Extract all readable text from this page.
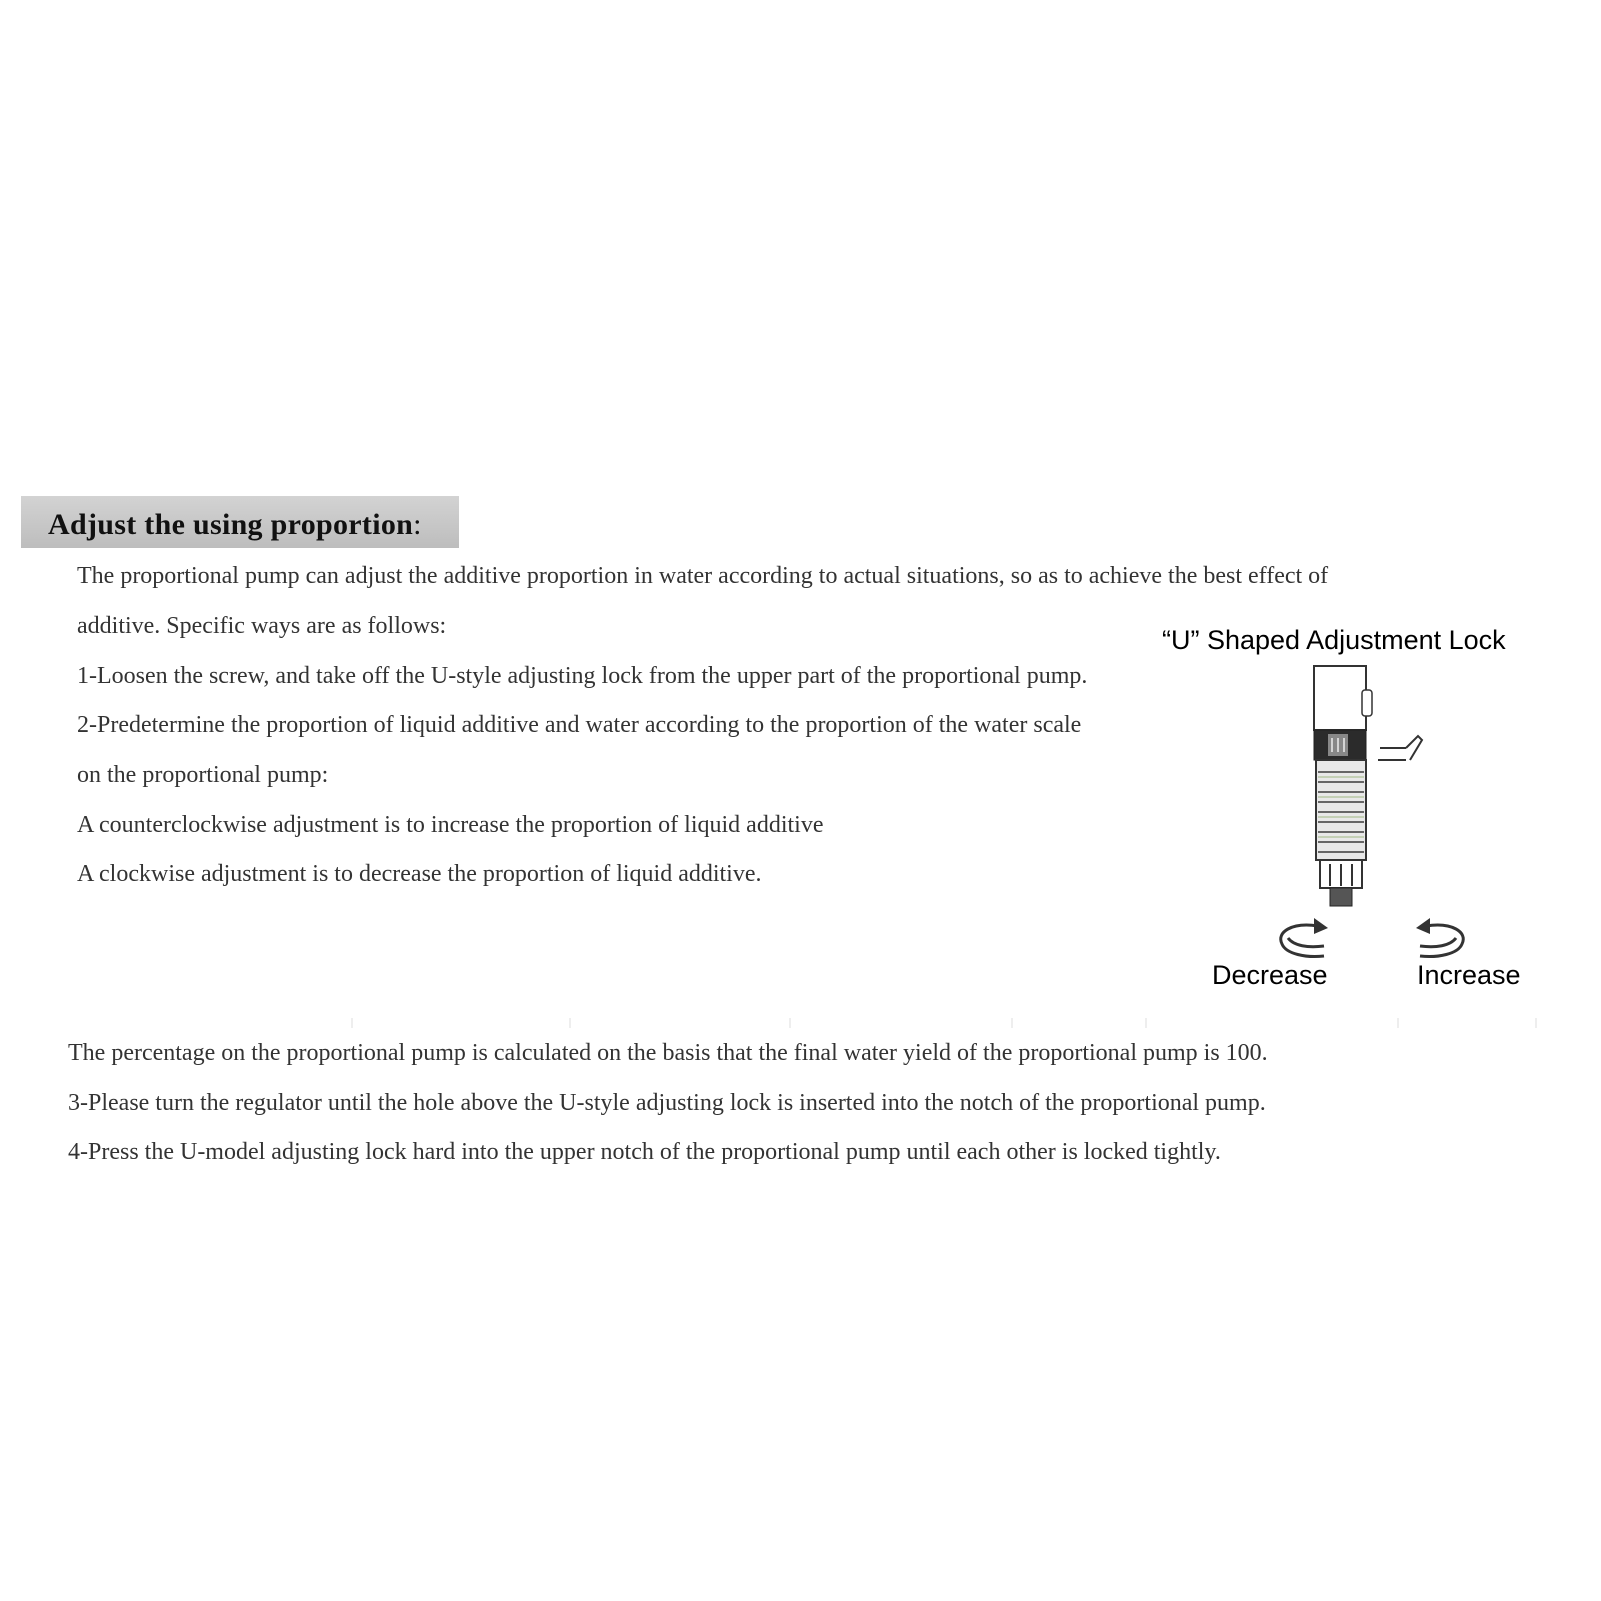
Adjust the using proportion:

The proportional pump can adjust the additive proportion in water according to actual situations, so as to achieve the best effect of

additive. Specific ways are as follows:

1-Loosen the screw, and take off the U-style adjusting lock from the upper part of the proportional pump.

2-Predetermine the proportion of liquid additive and water according to the proportion of the water scale

on the proportional pump:

A counterclockwise adjustment is to increase the proportion of liquid additive

A clockwise adjustment is to decrease the proportion of liquid additive.

“U” Shaped Adjustment Lock

Decrease	Increase

The percentage on the proportional pump is calculated on the basis that the final water yield of the proportional pump is 100.

3-Please turn the regulator until the hole above the U-style adjusting lock is inserted into the notch of the proportional pump.

4-Press the U-model adjusting lock hard into the upper notch of the proportional pump until each other is locked tightly.
